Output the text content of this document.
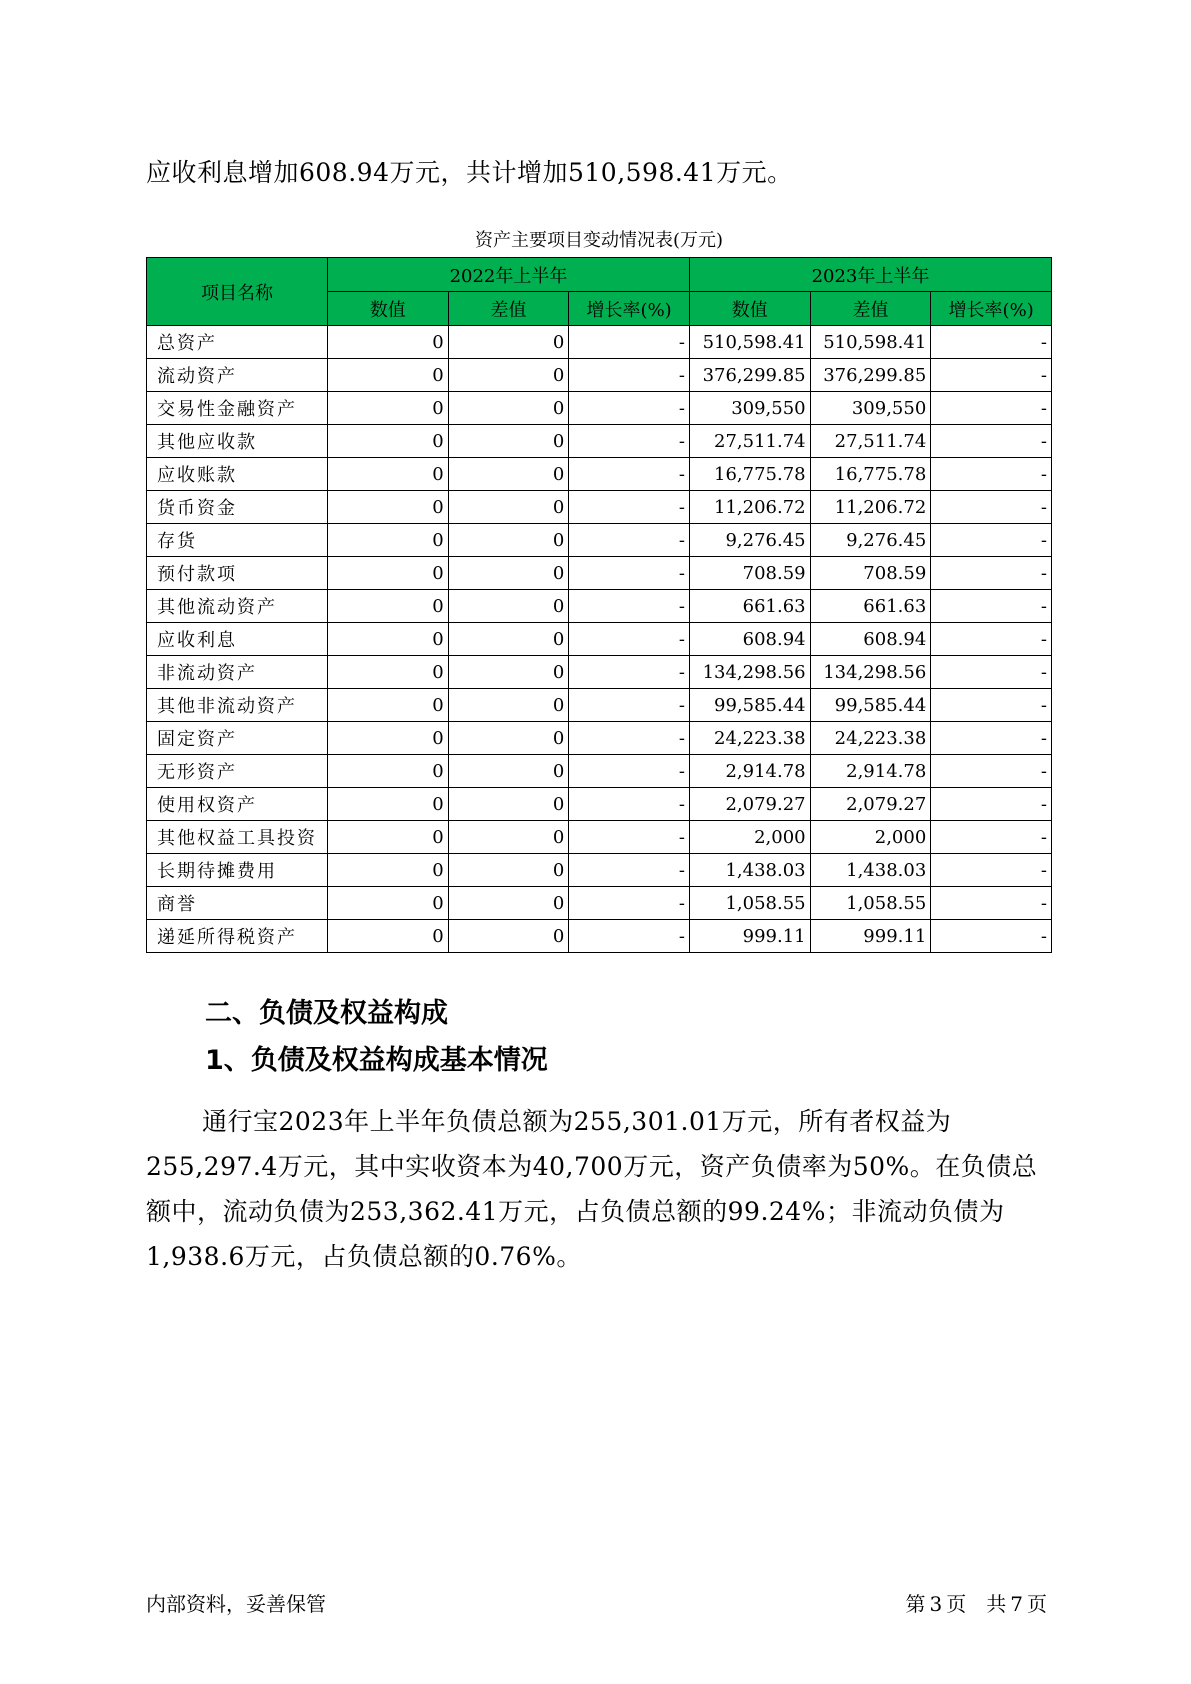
应收利息增加608.94万元，共计增加510,598.41万元。

资产主要项目变动情况表(万元)
项目名称	2022年上半年			2023年上半年		
	数值	差值	增长率(%)	数值	差值	增长率(%)
总资产	0	0	-	510,598.41	510,598.41	-
流动资产	0	0	-	376,299.85	376,299.85	-
交易性金融资产	0	0	-	309,550	309,550	-
其他应收款	0	0	-	27,511.74	27,511.74	-
应收账款	0	0	-	16,775.78	16,775.78	-
货币资金	0	0	-	11,206.72	11,206.72	-
存货	0	0	-	9,276.45	9,276.45	-
预付款项	0	0	-	708.59	708.59	-
其他流动资产	0	0	-	661.63	661.63	-
应收利息	0	0	-	608.94	608.94	-
非流动资产	0	0	-	134,298.56	134,298.56	-
其他非流动资产	0	0	-	99,585.44	99,585.44	-
固定资产	0	0	-	24,223.38	24,223.38	-
无形资产	0	0	-	2,914.78	2,914.78	-
使用权资产	0	0	-	2,079.27	2,079.27	-
其他权益工具投资	0	0	-	2,000	2,000	-
长期待摊费用	0	0	-	1,438.03	1,438.03	-
商誉	0	0	-	1,058.55	1,058.55	-
递延所得税资产	0	0	-	999.11	999.11	-
二、负债及权益构成
1、负债及权益构成基本情况

通行宝2023年上半年负债总额为255,301.01万元，所有者权益为255,297.4万元，其中实收资本为40,700万元，资产负债率为50%。在负债总额中，流动负债为253,362.41万元，占负债总额的99.24%；非流动负债为1,938.6万元，占负债总额的0.76%。

内部资料，妥善保管	第 3 页　共 7 页
